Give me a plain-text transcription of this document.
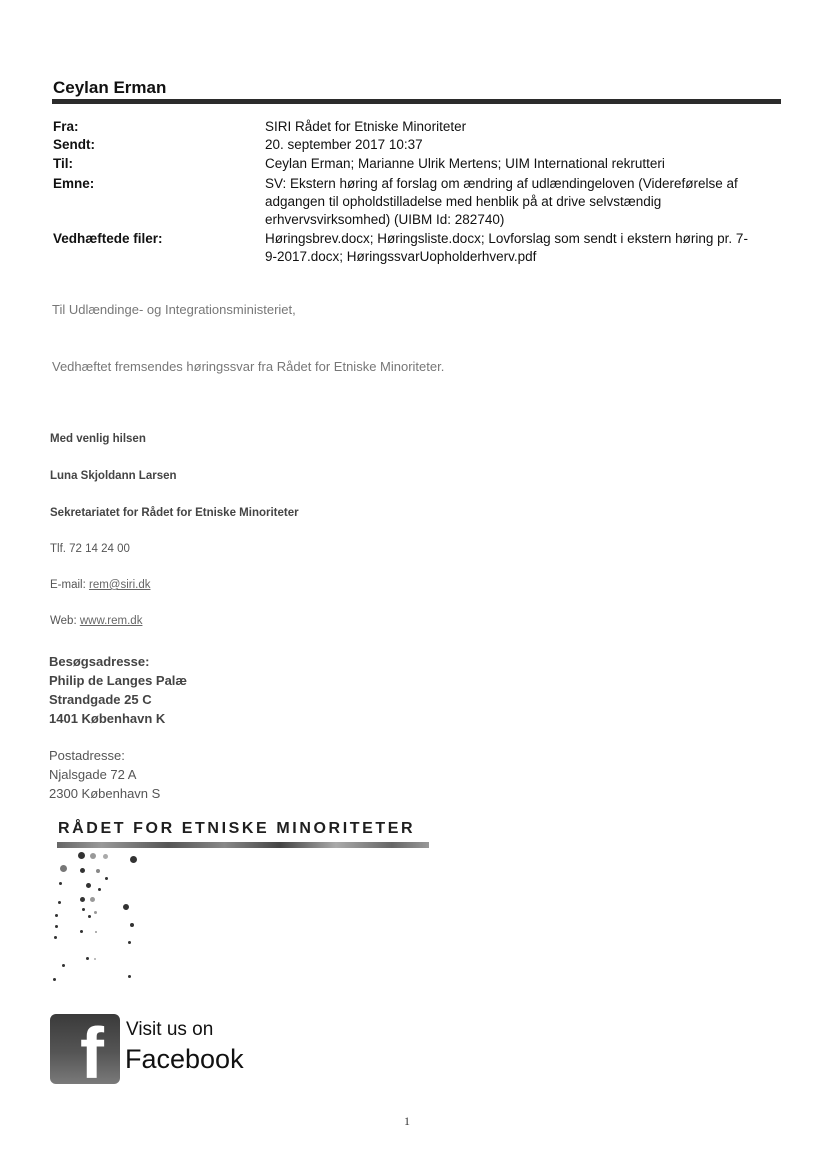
Ceylan Erman
Fra:	SIRI Rådet for Etniske Minoriteter
Sendt:	20. september 2017 10:37
Til:	Ceylan Erman; Marianne Ulrik Mertens; UIM International rekrutteri
Emne:	SV: Ekstern høring af forslag om ændring af udlændingeloven (Videreførelse af adgangen til opholdstilladelse med henblik på at drive selvstændig erhvervsvirksomhed) (UIBM Id: 282740)
Vedhæftede filer:	Høringsbrev.docx; Høringsliste.docx; Lovforslag som sendt i ekstern høring pr. 7-9-2017.docx; HøringssvarUopholderhverv.pdf
Til Udlændinge- og Integrationsministeriet,
Vedhæftet fremsendes høringssvar fra Rådet for Etniske Minoriteter.
Med venlig hilsen
Luna Skjoldann Larsen
Sekretariatet for Rådet for Etniske Minoriteter
Tlf. 72 14 24 00
E-mail: rem@siri.dk
Web: www.rem.dk
Besøgsadresse:
Philip de Langes Palæ
Strandgade 25 C
1401 København K
Postadresse:
Njalsgade 72 A
2300 København S
RÅDET FOR ETNISKE MINORITETER
f Visit us on
Facebook
1
